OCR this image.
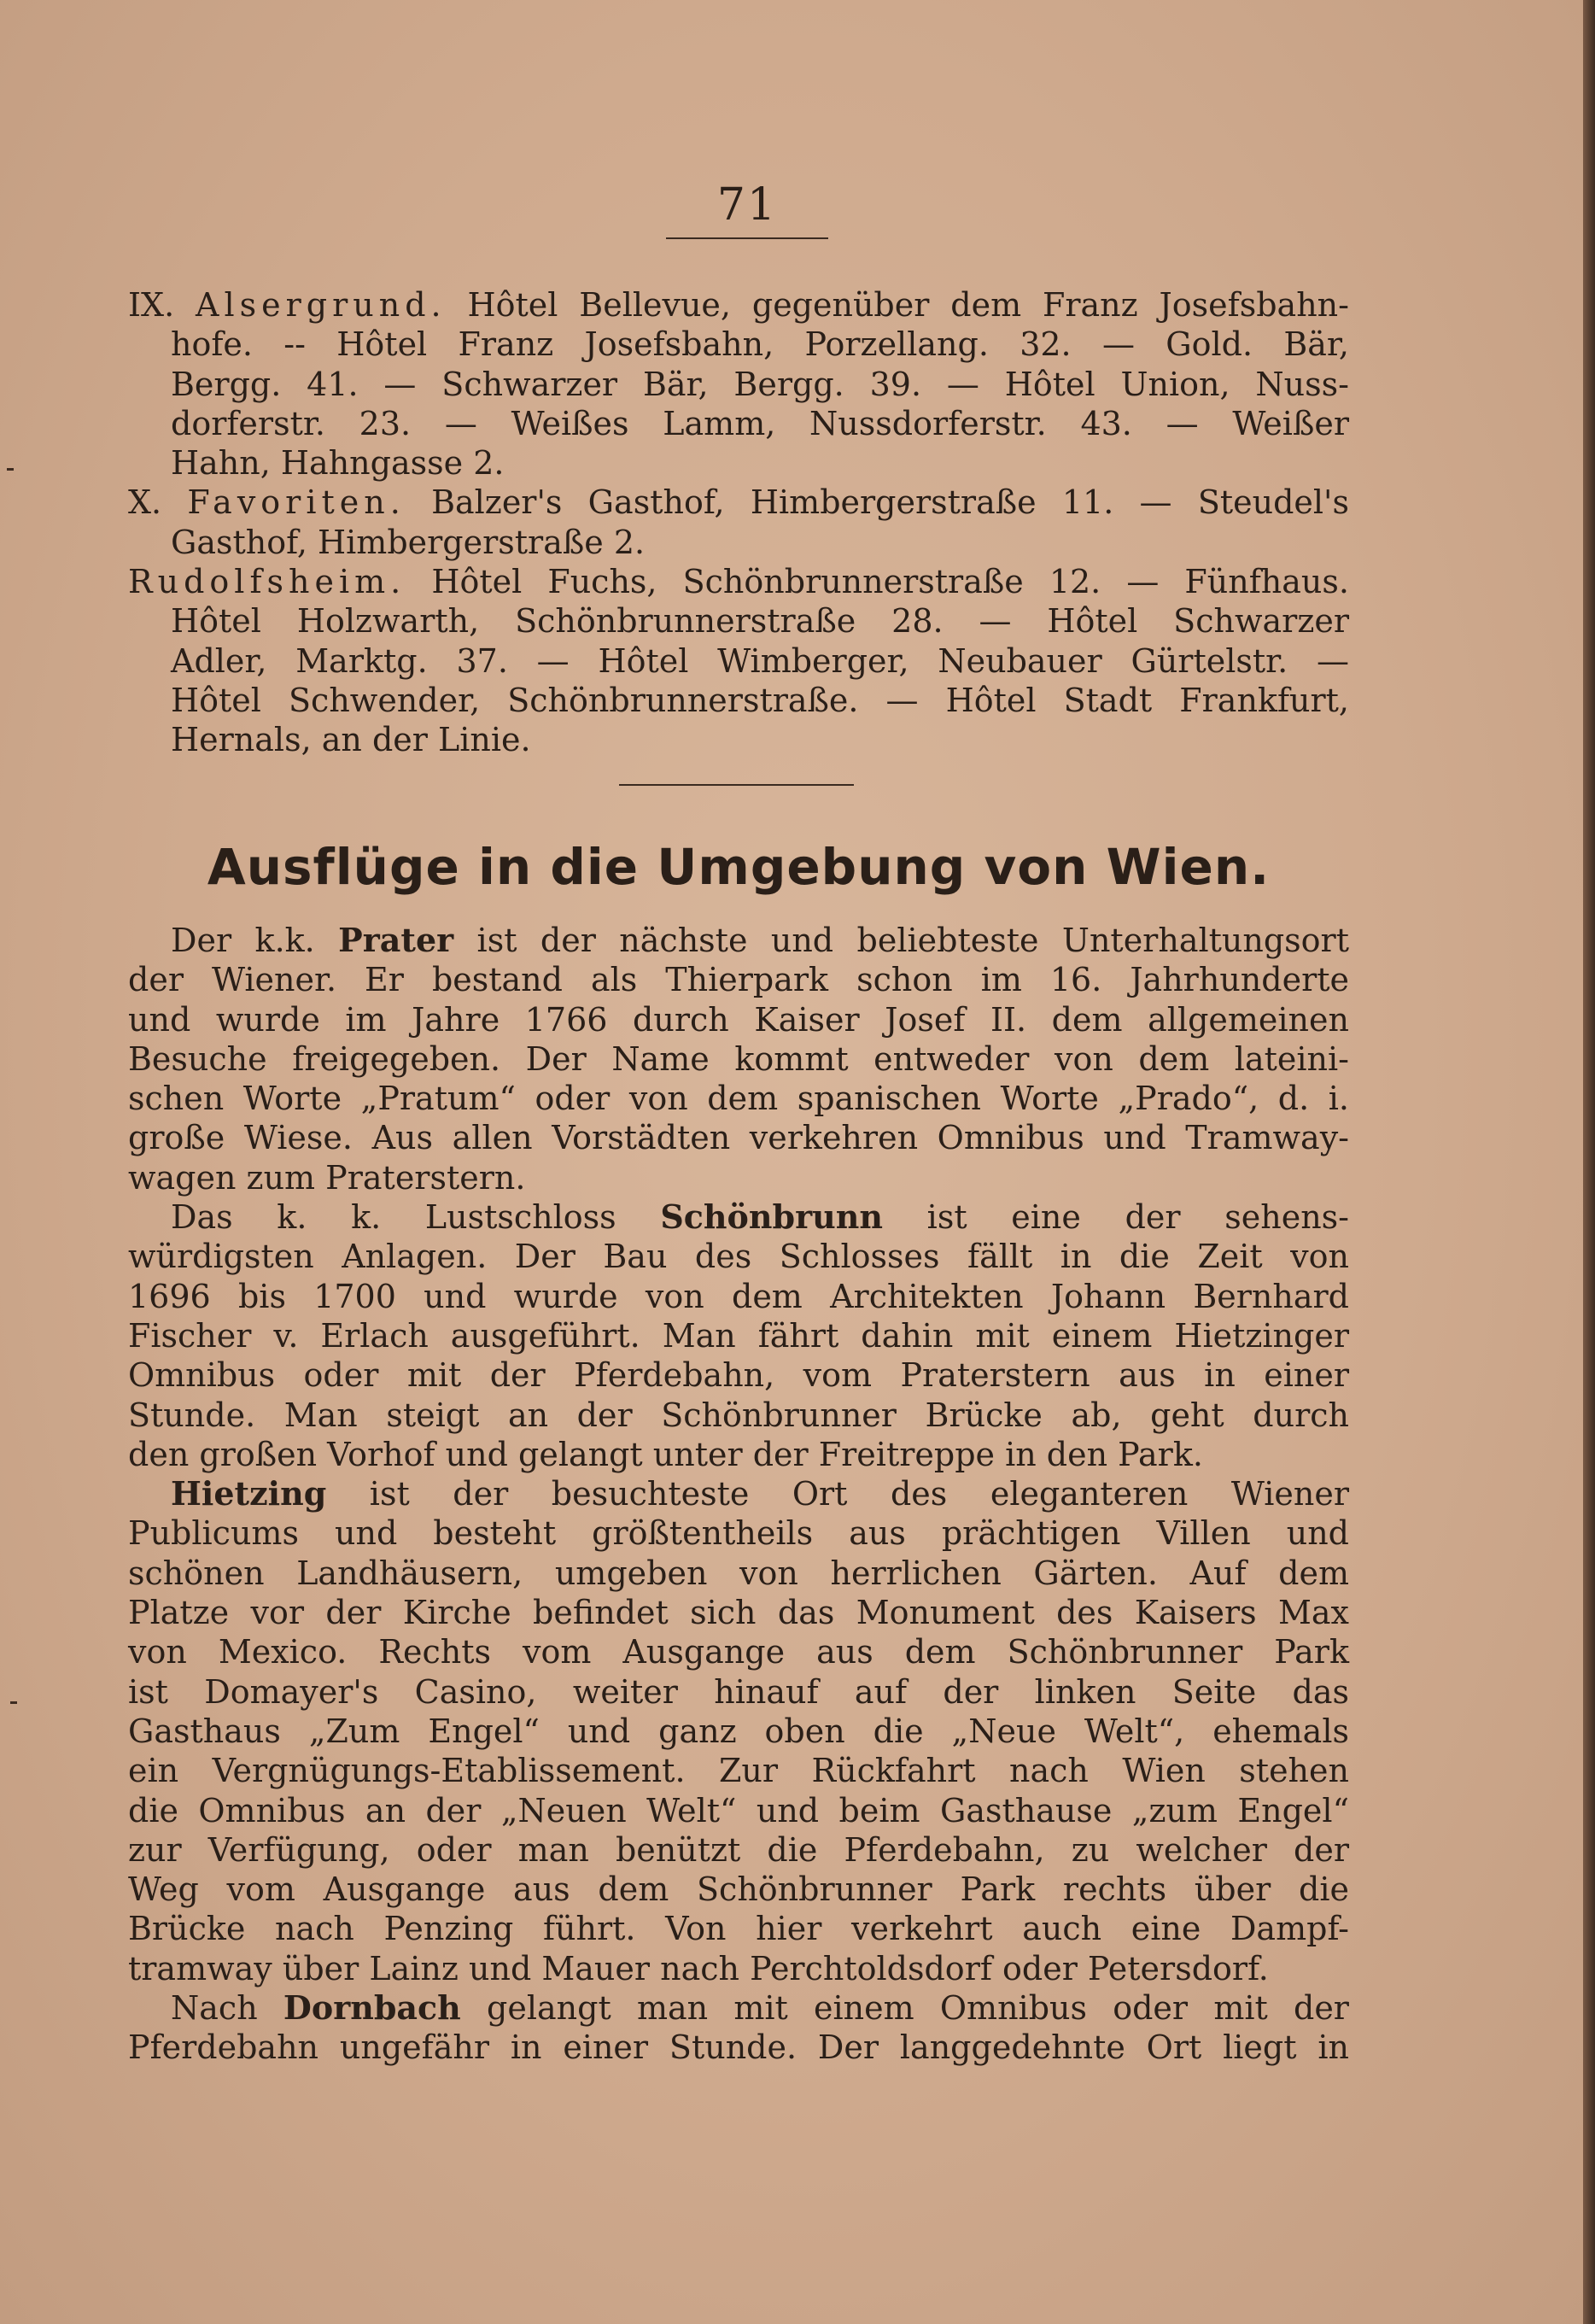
71
IX. Alsergrund. Hôtel Bellevue, gegenüber dem Franz Josefsbahn-
hofe. -- Hôtel Franz Josefsbahn, Porzellang. 32. — Gold. Bär,
Bergg. 41. — Schwarzer Bär, Bergg. 39. — Hôtel Union, Nuss-
dorferstr. 23. — Weißes Lamm, Nussdorferstr. 43. — Weißer
Hahn, Hahngasse 2.
X. Favoriten. Balzer's Gasthof, Himbergerstraße 11. — Steudel's
Gasthof, Himbergerstraße 2.
Rudolfsheim. Hôtel Fuchs, Schönbrunnerstraße 12. — Fünfhaus.
Hôtel Holzwarth, Schönbrunnerstraße 28. — Hôtel Schwarzer
Adler, Marktg. 37. — Hôtel Wimberger, Neubauer Gürtelstr. —
Hôtel Schwender, Schönbrunnerstraße. — Hôtel Stadt Frankfurt,
Hernals, an der Linie.
Ausflüge in die Umgebung von Wien.
Der k.k. Prater ist der nächste und beliebteste Unterhaltungsort
der Wiener. Er bestand als Thierpark schon im 16. Jahrhunderte
und wurde im Jahre 1766 durch Kaiser Josef II. dem allgemeinen
Besuche freigegeben. Der Name kommt entweder von dem lateini-
schen Worte „Pratum“ oder von dem spanischen Worte „Prado“, d. i.
große Wiese. Aus allen Vorstädten verkehren Omnibus und Tramway-
wagen zum Praterstern.
Das k. k. Lustschloss Schönbrunn ist eine der sehens-
würdigsten Anlagen. Der Bau des Schlosses fällt in die Zeit von
1696 bis 1700 und wurde von dem Architekten Johann Bernhard
Fischer v. Erlach ausgeführt. Man fährt dahin mit einem Hietzinger
Omnibus oder mit der Pferdebahn, vom Praterstern aus in einer
Stunde. Man steigt an der Schönbrunner Brücke ab, geht durch
den großen Vorhof und gelangt unter der Freitreppe in den Park.
Hietzing ist der besuchteste Ort des eleganteren Wiener
Publicums und besteht größtentheils aus prächtigen Villen und
schönen Landhäusern, umgeben von herrlichen Gärten. Auf dem
Platze vor der Kirche befindet sich das Monument des Kaisers Max
von Mexico. Rechts vom Ausgange aus dem Schönbrunner Park
ist Domayer's Casino, weiter hinauf auf der linken Seite das
Gasthaus „Zum Engel“ und ganz oben die „Neue Welt“, ehemals
ein Vergnügungs-Etablissement. Zur Rückfahrt nach Wien stehen
die Omnibus an der „Neuen Welt“ und beim Gasthause „zum Engel“
zur Verfügung, oder man benützt die Pferdebahn, zu welcher der
Weg vom Ausgange aus dem Schönbrunner Park rechts über die
Brücke nach Penzing führt. Von hier verkehrt auch eine Dampf-
tramway über Lainz und Mauer nach Perchtoldsdorf oder Petersdorf.
Nach Dornbach gelangt man mit einem Omnibus oder mit der
Pferdebahn ungefähr in einer Stunde. Der langgedehnte Ort liegt in
